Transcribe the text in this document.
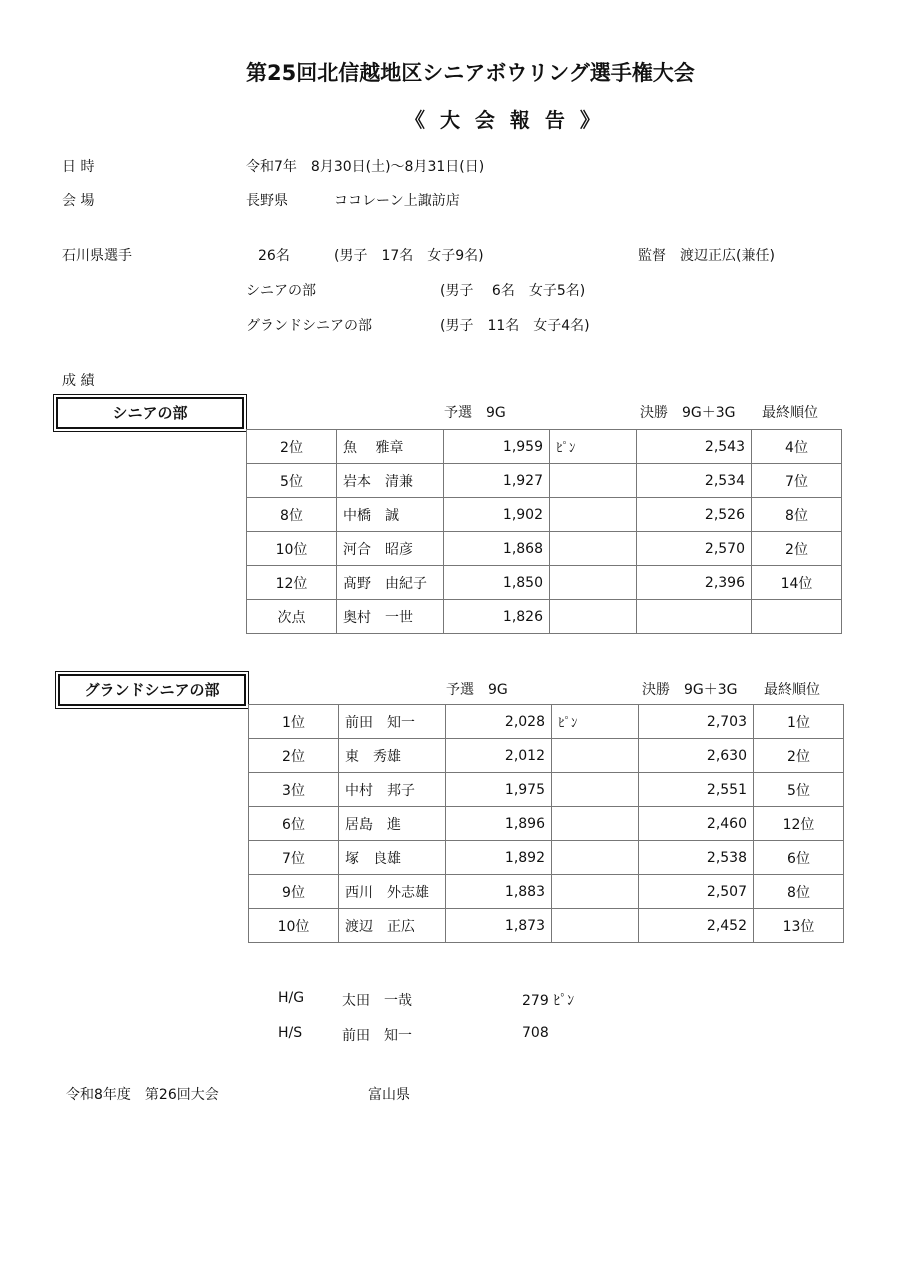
第25回北信越地区シニアボウリング選手権大会
《 大 会 報 告 》
日 時	令和7年　8月30日(土)～8月31日(日)
会 場	長野県	ココレーン上諏訪店
石川県選手	26名	(男子　17名　女子9名)	監督　渡辺正広(兼任)
シニアの部	(男子　 6名　女子5名)
グランドシニアの部	(男子　11名　女子4名)
成 績
シニアの部	予選　9G	決勝　9G＋3G 最終順位
2位	魚　 雅章	1,959	ﾋﾟﾝ	2,543	4位
5位	岩本　清兼	1,927		2,534	7位
8位	中橋　誠	1,902		2,526	8位
10位	河合　昭彦	1,868		2,570	2位
12位	髙野　由紀子	1,850		2,396	14位
次点	奥村　一世	1,826			
グランドシニアの部	予選　9G	決勝　9G＋3G 最終順位
1位	前田　知一	2,028	ﾋﾟﾝ	2,703	1位
2位	東　秀雄	2,012		2,630	2位
3位	中村　邦子	1,975		2,551	5位
6位	居島　進	1,896		2,460	12位
7位	塚　良雄	1,892		2,538	6位
9位	西川　外志雄	1,883		2,507	8位
10位	渡辺　正広	1,873		2,452	13位
H/G	太田　一哉	279 ﾋﾟﾝ
H/S	前田　知一	708
令和8年度　第26回大会	富山県
